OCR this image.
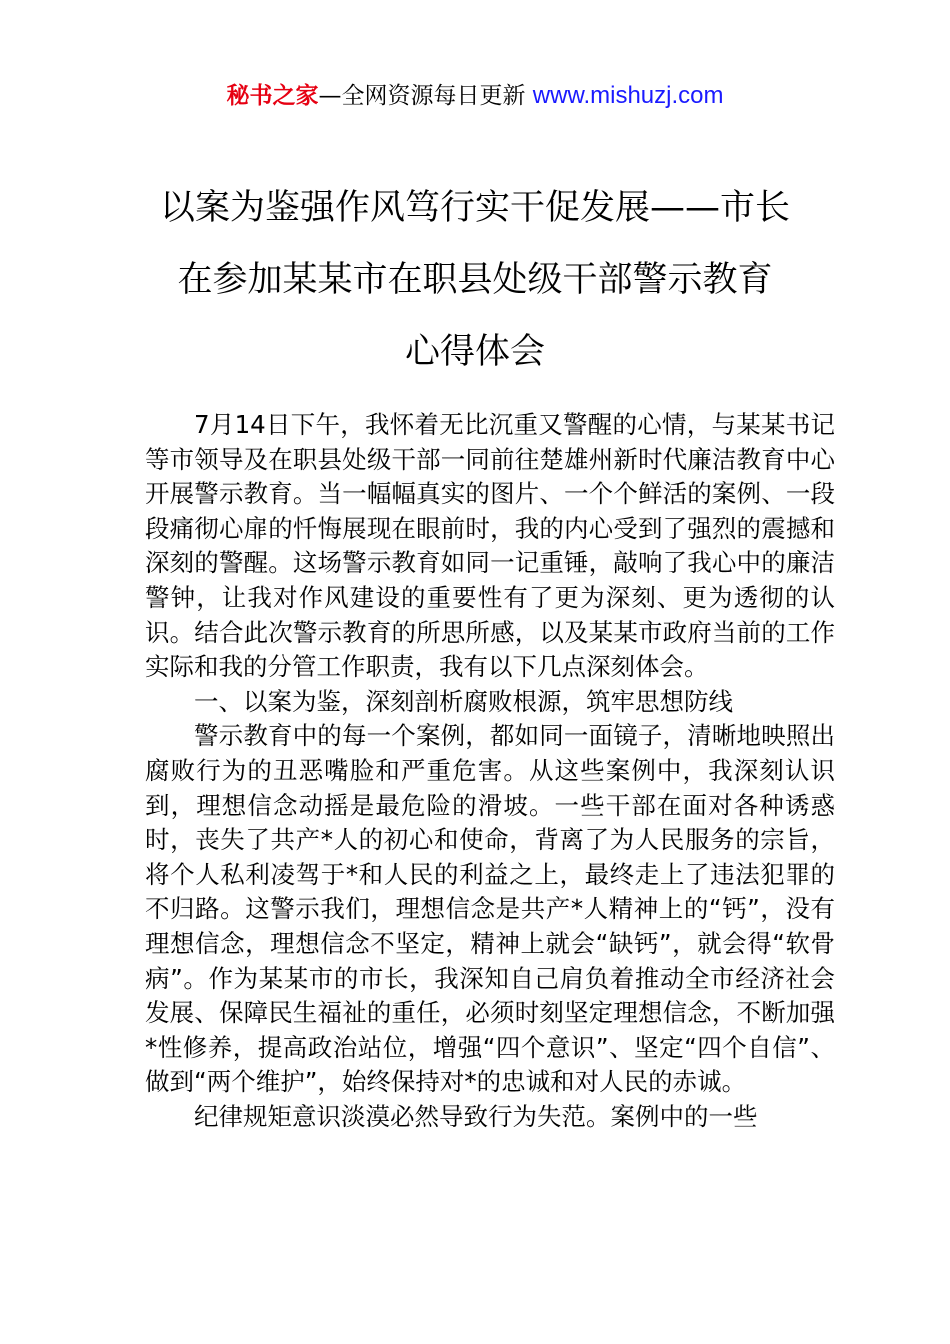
秘书之家—全网资源每日更新 www.mishuzj.com
以案为鉴强作风笃行实干促发展——市长
在参加某某市在职县处级干部警示教育
心得体会

7月14日下午，我怀着无比沉重又警醒的心情，与某某书记等市领导及在职县处级干部一同前往楚雄州新时代廉洁教育中心开展警示教育。当一幅幅真实的图片、一个个鲜活的案例、一段段痛彻心扉的忏悔展现在眼前时，我的内心受到了强烈的震撼和深刻的警醒。这场警示教育如同一记重锤，敲响了我心中的廉洁警钟，让我对作风建设的重要性有了更为深刻、更为透彻的认识。结合此次警示教育的所思所感，以及某某市政府当前的工作实际和我的分管工作职责，我有以下几点深刻体会。

一、以案为鉴，深刻剖析腐败根源，筑牢思想防线

警示教育中的每一个案例，都如同一面镜子，清晰地映照出腐败行为的丑恶嘴脸和严重危害。从这些案例中，我深刻认识到，理想信念动摇是最危险的滑坡。一些干部在面对各种诱惑时，丧失了共产*人的初心和使命，背离了为人民服务的宗旨，将个人私利凌驾于*和人民的利益之上，最终走上了违法犯罪的不归路。这警示我们，理想信念是共产*人精神上的“钙”，没有理想信念，理想信念不坚定，精神上就会“缺钙”，就会得“软骨病”。作为某某市的市长，我深知自己肩负着推动全市经济社会发展、保障民生福祉的重任，必须时刻坚定理想信念，不断加强*性修养，提高政治站位，增强“四个意识”、坚定“四个自信”、做到“两个维护”，始终保持对*的忠诚和对人民的赤诚。

纪律规矩意识淡漠必然导致行为失范。案例中的一些
